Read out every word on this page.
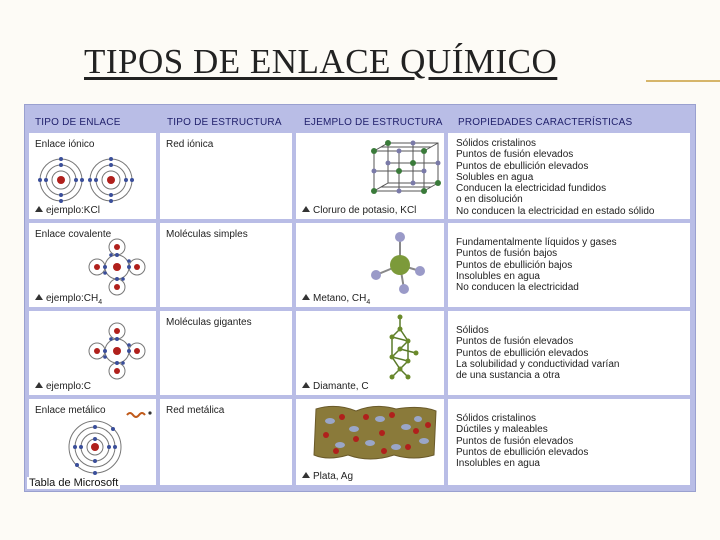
TIPOS DE ENLACE QUÍMICO
TIPO DE ENLACE	TIPO DE ESTRUCTURA EJEMPLO DE ESTRUCTURA PROPIEDADES CARACTERÍSTICAS
Enlace iónico
ejemplo:KCl
Red iónica
Cloruro de potasio, KCl
Sólidos cristalinos
Puntos de fusión elevados
Puntos de ebullición elevados
Solubles en agua
Conducen la electricidad fundidos
o en disolución
No conducen la electricidad en estado sólido
Enlace covalente
$ejemplo:CH_4$
Moléculas simples
Metano, $CH_4$
Fundamentalmente líquidos y gases
Puntos de fusión bajos
Puntos de ebullición bajos
Insolubles en agua
No conducen la electricidad
ejemplo:C
Moléculas gigantes
Diamante, C
Sólidos
Puntos de fusión elevados
Puntos de ebullición elevados
La solubilidad y conductividad varían
de una sustancia a otra
Enlace metálico	Red metálica
Plata, Ag
Sólidos cristalinos
Dúctiles y maleables
Puntos de fusión elevados
Puntos de ebullición elevados
Insolubles en agua
Tabla de Microsoft
